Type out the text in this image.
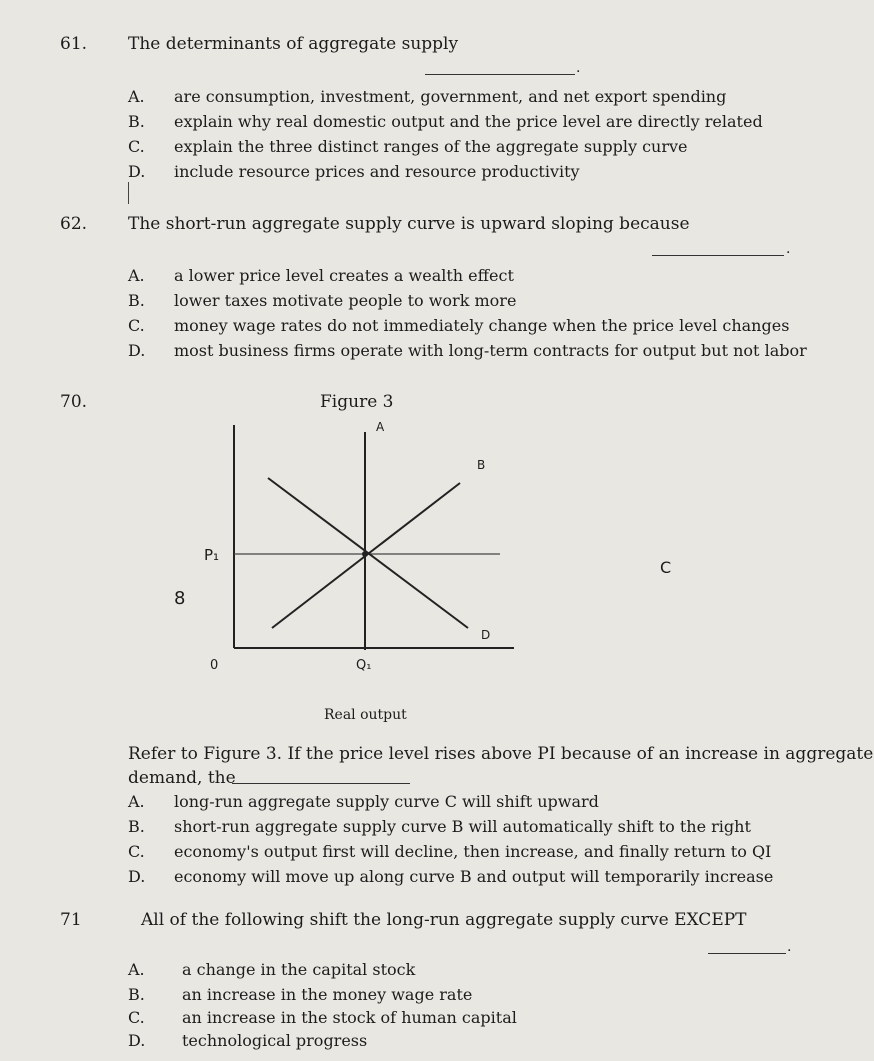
61. The determinants of aggregate supply
.
A. are consumption, investment, government, and net export spending
B. explain why real domestic output and the price level are directly related
C. explain the three distinct ranges of the aggregate supply curve
D. include resource prices and resource productivity
62. The short-run aggregate supply curve is upward sloping because
.
A. a lower price level creates a wealth effect
B. lower taxes motivate people to work more
C. money wage rates do not immediately change when the price level changes
D. most business firms operate with long-term contracts for output but not labor
70.	Figure 3
A
B
C
D
P₁
8
0	Q₁
Real output
Refer to Figure 3. If the price level rises above PI because of an increase in aggregate
demand, the
A. long-run aggregate supply curve C will shift upward
B. short-run aggregate supply curve B will automatically shift to the right
C. economy's output first will decline, then increase, and finally return to QI
D. economy will move up along curve B and output will temporarily increase
71	All of the following shift the long-run aggregate supply curve EXCEPT
.
A. a change in the capital stock
B. an increase in the money wage rate
C. an increase in the stock of human capital
D. technological progress
